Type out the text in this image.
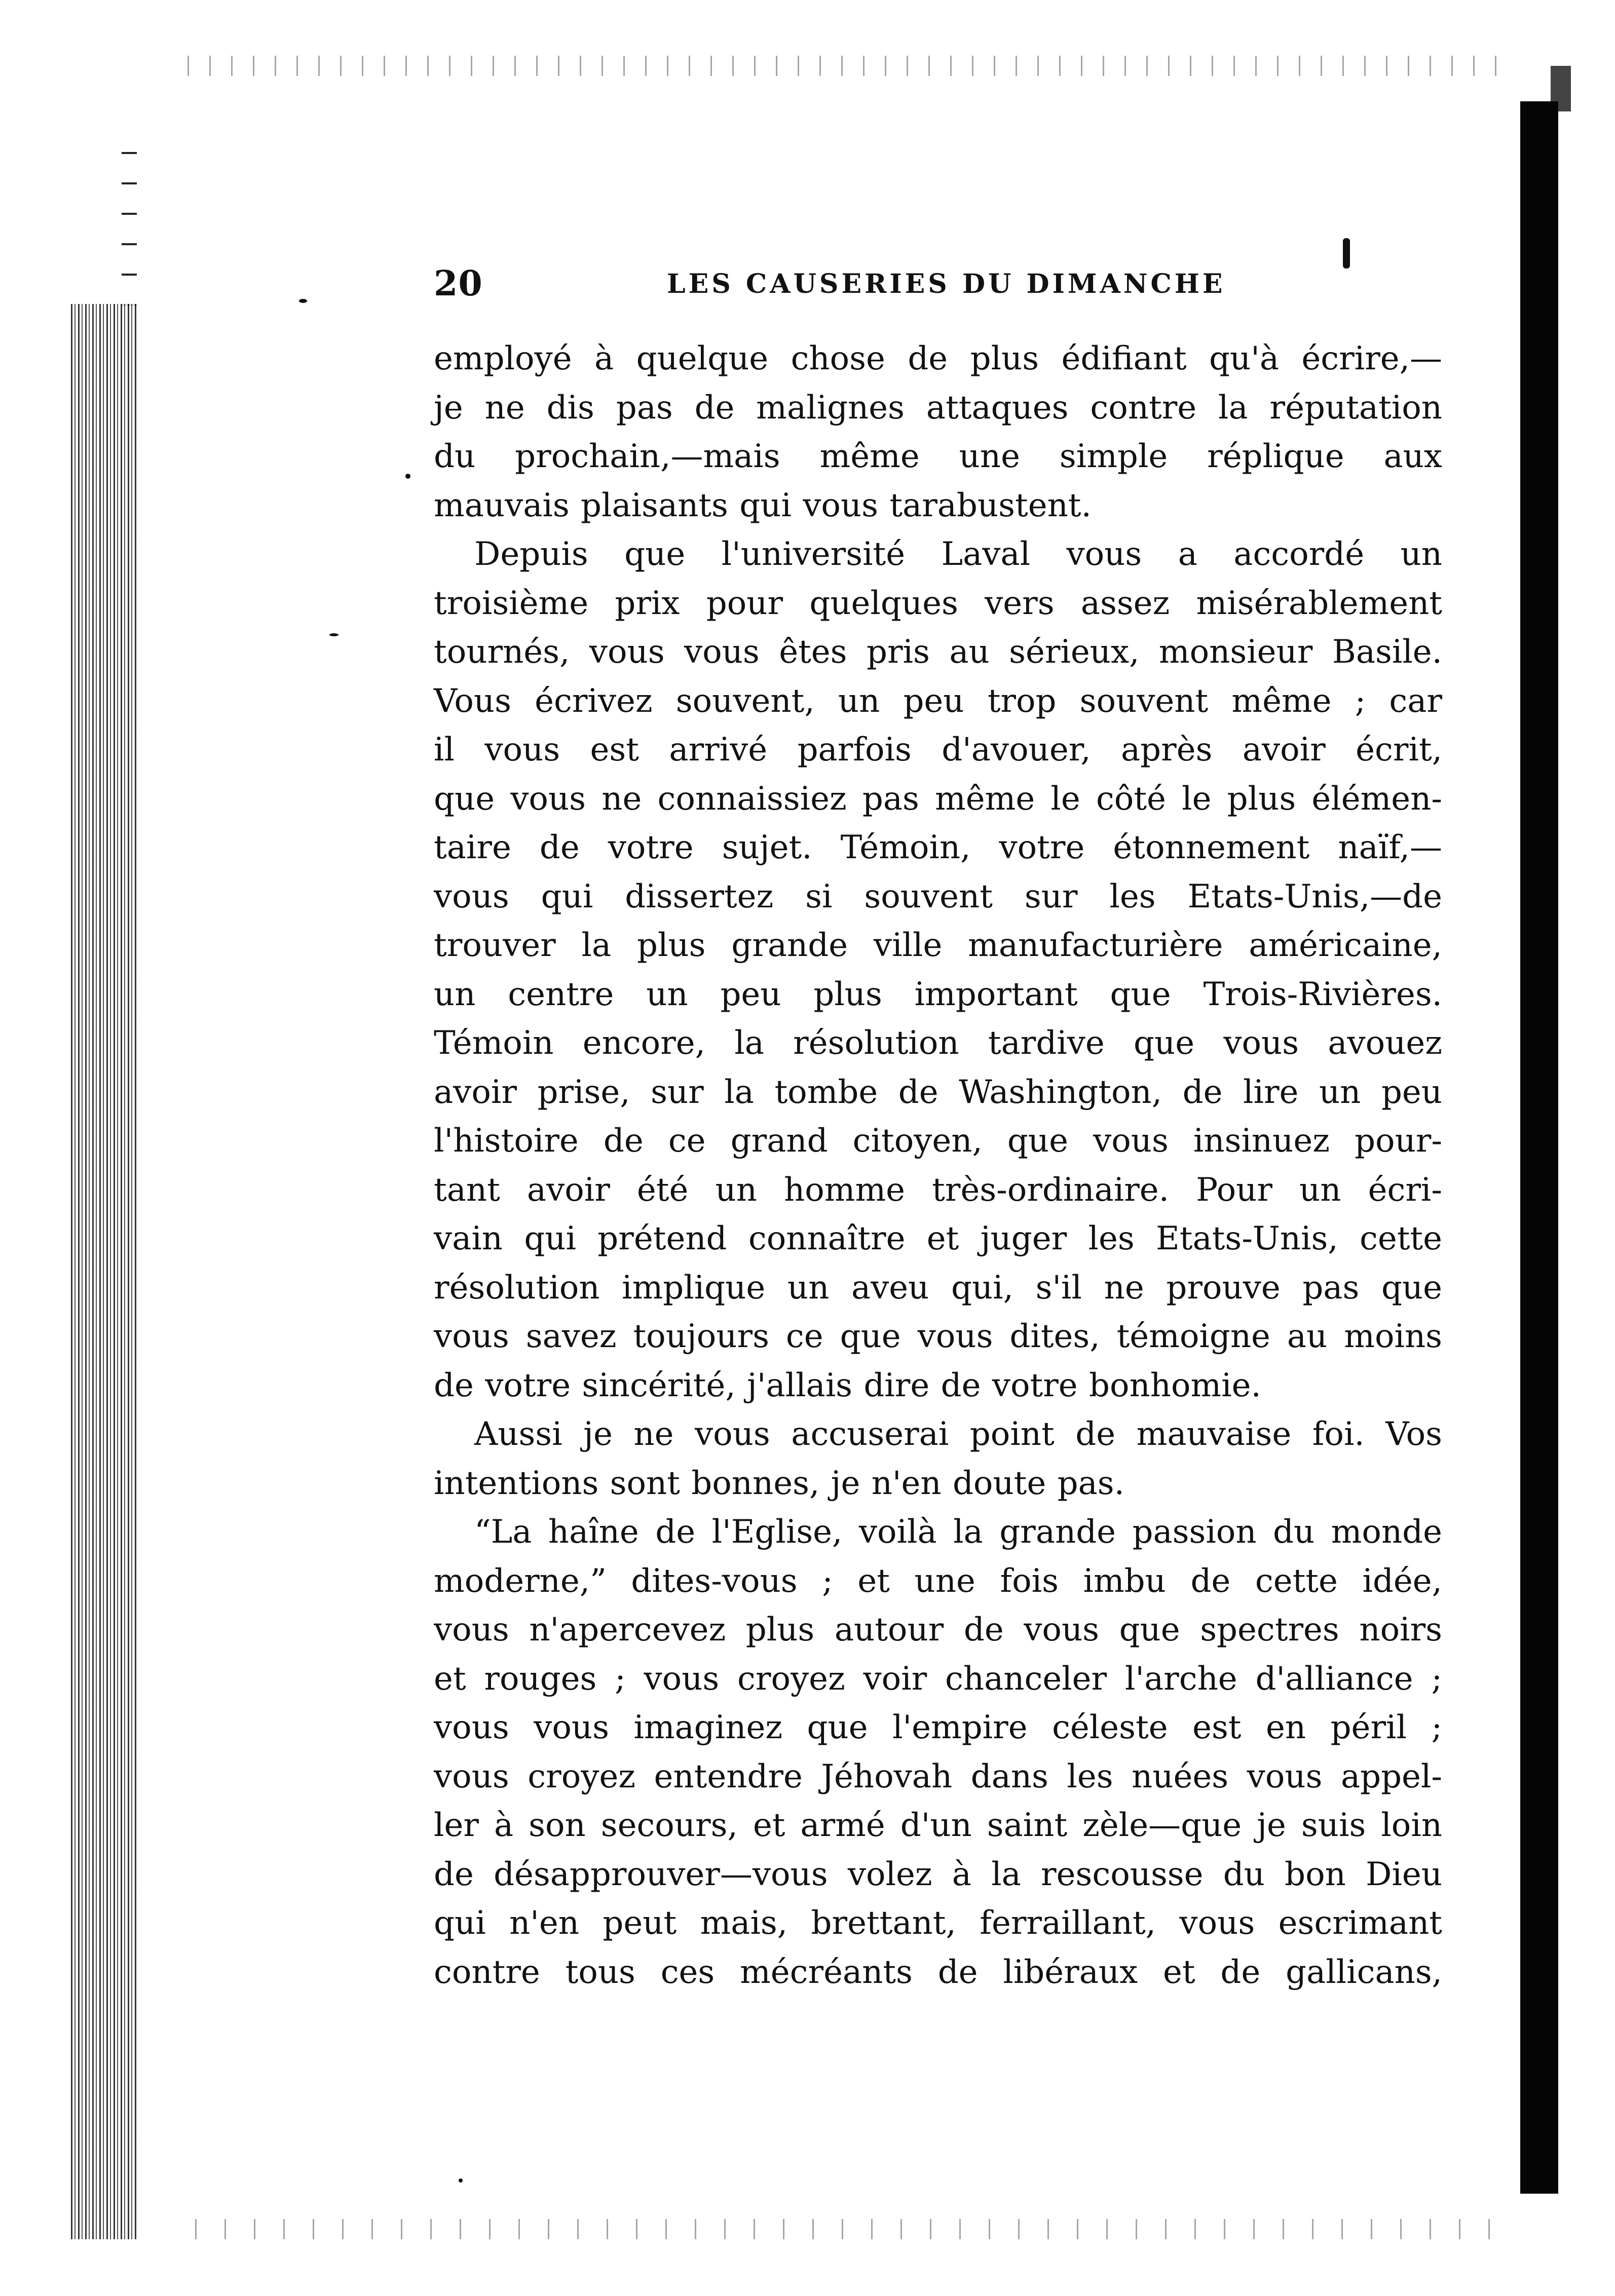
20	LES CAUSERIES DU DIMANCHE

employé à quelque chose de plus édifiant qu'à écrire,—
je ne dis pas de malignes attaques contre la réputation
du prochain,—mais même une simple réplique aux
mauvais plaisants qui vous tarabustent.

Depuis que l'université Laval vous a accordé un
troisième prix pour quelques vers assez misérablement
tournés, vous vous êtes pris au sérieux, monsieur Basile.
Vous écrivez souvent, un peu trop souvent même ; car
il vous est arrivé parfois d'avouer, après avoir écrit,
que vous ne connaissiez pas même le côté le plus élémen-
taire de votre sujet. Témoin, votre étonnement naïf,—
vous qui dissertez si souvent sur les Etats-Unis,—de
trouver la plus grande ville manufacturière américaine,
un centre un peu plus important que Trois-Rivières.
Témoin encore, la résolution tardive que vous avouez
avoir prise, sur la tombe de Washington, de lire un peu
l'histoire de ce grand citoyen, que vous insinuez pour-
tant avoir été un homme très-ordinaire. Pour un écri-
vain qui prétend connaître et juger les Etats-Unis, cette
résolution implique un aveu qui, s'il ne prouve pas que
vous savez toujours ce que vous dites, témoigne au moins
de votre sincérité, j'allais dire de votre bonhomie.

Aussi je ne vous accuserai point de mauvaise foi. Vos
intentions sont bonnes, je n'en doute pas.

“La haîne de l'Eglise, voilà la grande passion du monde
moderne,” dites-vous ; et une fois imbu de cette idée,
vous n'apercevez plus autour de vous que spectres noirs
et rouges ; vous croyez voir chanceler l'arche d'alliance ;
vous vous imaginez que l'empire céleste est en péril ;
vous croyez entendre Jéhovah dans les nuées vous appel-
ler à son secours, et armé d'un saint zèle—que je suis loin
de désapprouver—vous volez à la rescousse du bon Dieu
qui n'en peut mais, brettant, ferraillant, vous escrimant
contre tous ces mécréants de libéraux et de gallicans,
